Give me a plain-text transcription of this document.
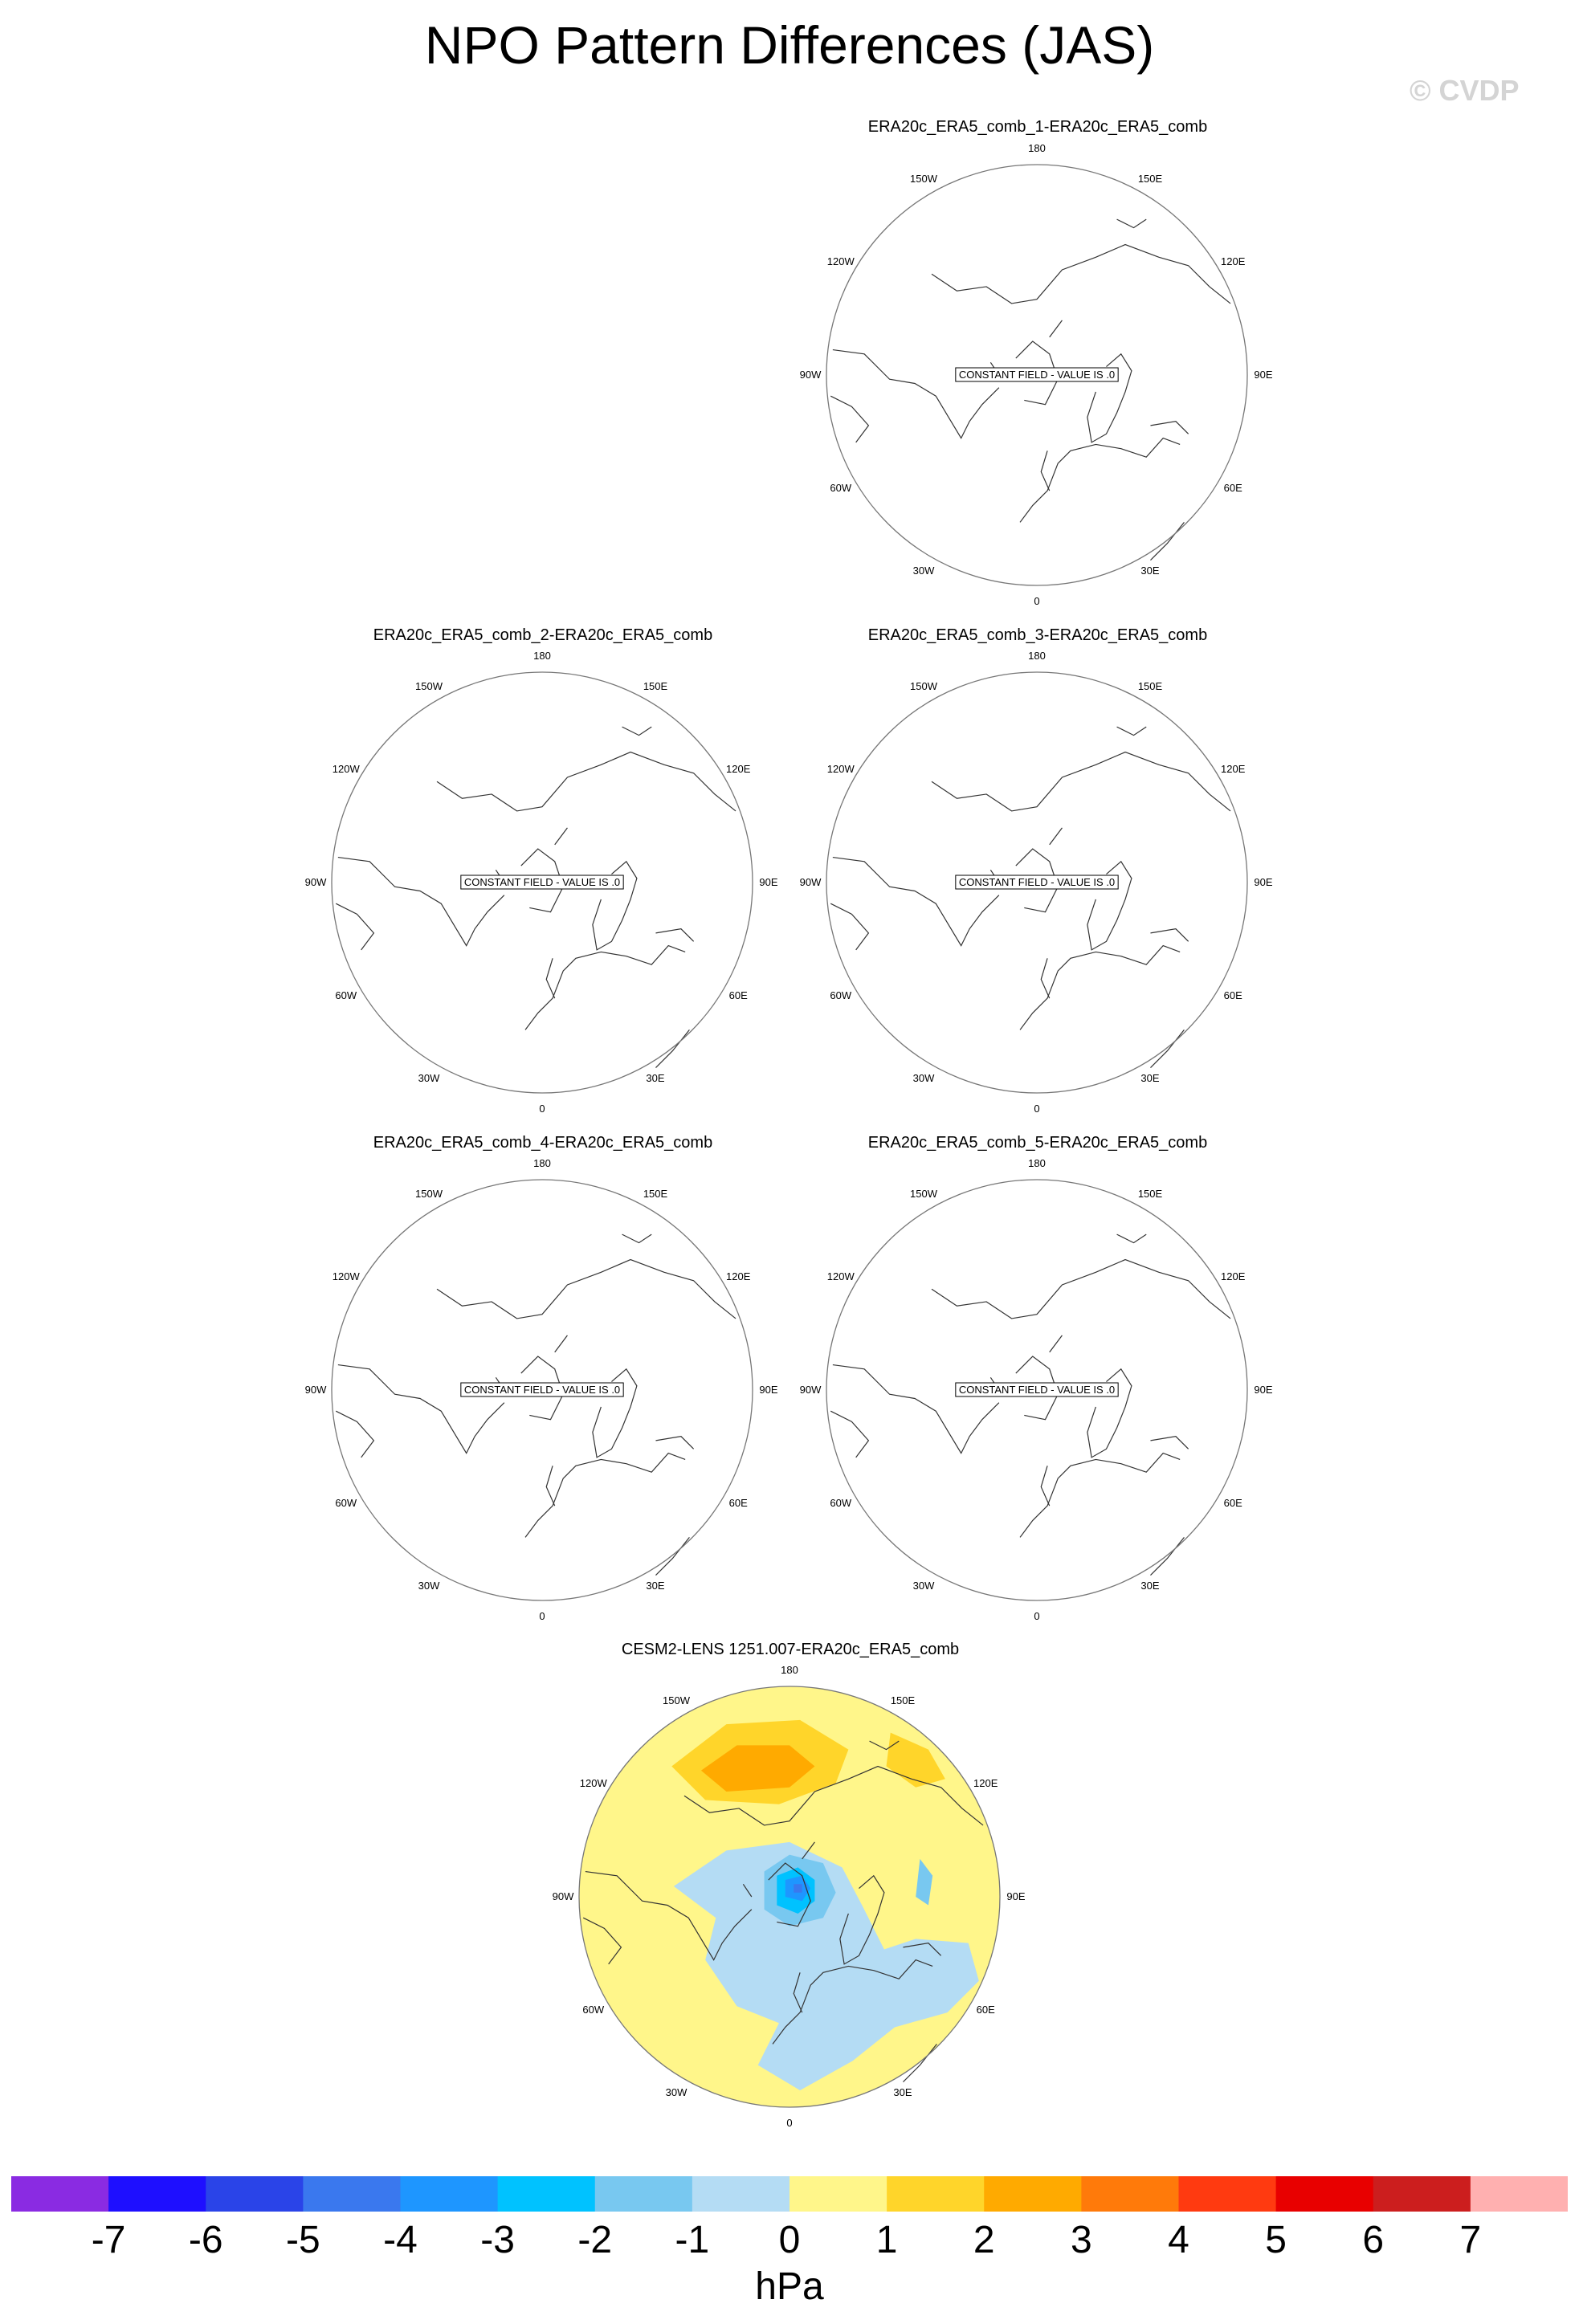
NPO Pattern Differences (JAS)
© CVDP
ERA20c_ERA5_comb_1-ERA20c_ERA5_comb
ERA20c_ERA5_comb_2-ERA20c_ERA5_comb	ERA20c_ERA5_comb_3-ERA20c_ERA5_comb
ERA20c_ERA5_comb_4-ERA20c_ERA5_comb	ERA20c_ERA5_comb_5-ERA20c_ERA5_comb
CESM2-LENS 1251.007-ERA20c_ERA5_comb
180
150E
120E
90E
60E
30E
0
30W
60W
90W
120W
150W
CONSTANT FIELD - VALUE IS .0
180
150E
120E
90E
60E
30E
0
30W
60W
90W
120W
150W
CONSTANT FIELD - VALUE IS .0
180
150E
120E
90E
60E
30E
0
30W
60W
90W
120W
150W
CONSTANT FIELD - VALUE IS .0
180
150E
120E
90E
60E
30E
0
30W
60W
90W
120W
150W
CONSTANT FIELD - VALUE IS .0
180
150E
120E
90E
60E
30E
0
30W
60W
90W
120W
150W
CONSTANT FIELD - VALUE IS .0
180
150E
120E
90E
60E
30E
0
30W
60W
90W
120W
150W
-7	-6	-5	-4	-3	-2	-1	0	1	2	3	4	5	6	7
hPa
